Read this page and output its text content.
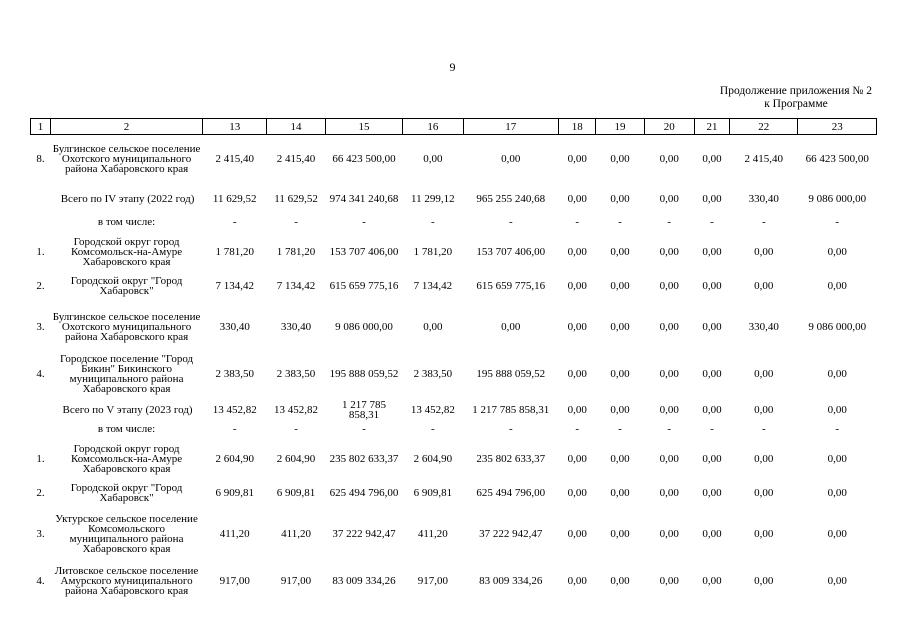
9
Продолжение приложения № 2
к Программе
1	2	13	14	15	16	17	18	19	20	21	22	23
8.	Булгинское сельское поселение Охотского муниципального района Хабаровского края	2 415,40	2 415,40	66 423 500,00	0,00	0,00	0,00	0,00	0,00	0,00	2 415,40	66 423 500,00
	Всего по IV этапу (2022 год)	11 629,52	11 629,52	974 341 240,68	11 299,12	965 255 240,68	0,00	0,00	0,00	0,00	330,40	9 086 000,00
	в том числе:	-	-	-	-	-	-	-	-	-	-	-
1.	Городской округ город Комсомольск-на-Амуре Хабаровского края	1 781,20	1 781,20	153 707 406,00	1 781,20	153 707 406,00	0,00	0,00	0,00	0,00	0,00	0,00
2.	Городской округ "Город Хабаровск"	7 134,42	7 134,42	615 659 775,16	7 134,42	615 659 775,16	0,00	0,00	0,00	0,00	0,00	0,00
3.	Булгинское сельское поселение Охотского муниципального района Хабаровского края	330,40	330,40	9 086 000,00	0,00	0,00	0,00	0,00	0,00	0,00	330,40	9 086 000,00
4.	Городское поселение "Город Бикин" Бикинского муниципального района Хабаровского края	2 383,50	2 383,50	195 888 059,52	2 383,50	195 888 059,52	0,00	0,00	0,00	0,00	0,00	0,00
	Всего по V этапу (2023 год)	13 452,82	13 452,82	1 217 785 858,31	13 452,82	1 217 785 858,31	0,00	0,00	0,00	0,00	0,00	0,00
	в том числе:	-	-	-	-	-	-	-	-	-	-	-
1.	Городской округ город Комсомольск-на-Амуре Хабаровского края	2 604,90	2 604,90	235 802 633,37	2 604,90	235 802 633,37	0,00	0,00	0,00	0,00	0,00	0,00
2.	Городской округ "Город Хабаровск"	6 909,81	6 909,81	625 494 796,00	6 909,81	625 494 796,00	0,00	0,00	0,00	0,00	0,00	0,00
3.	Уктурское сельское поселение Комсомольского муниципального района Хабаровского края	411,20	411,20	37 222 942,47	411,20	37 222 942,47	0,00	0,00	0,00	0,00	0,00	0,00
4.	Литовское сельское поселение Амурского муниципального района Хабаровского края	917,00	917,00	83 009 334,26	917,00	83 009 334,26	0,00	0,00	0,00	0,00	0,00	0,00
